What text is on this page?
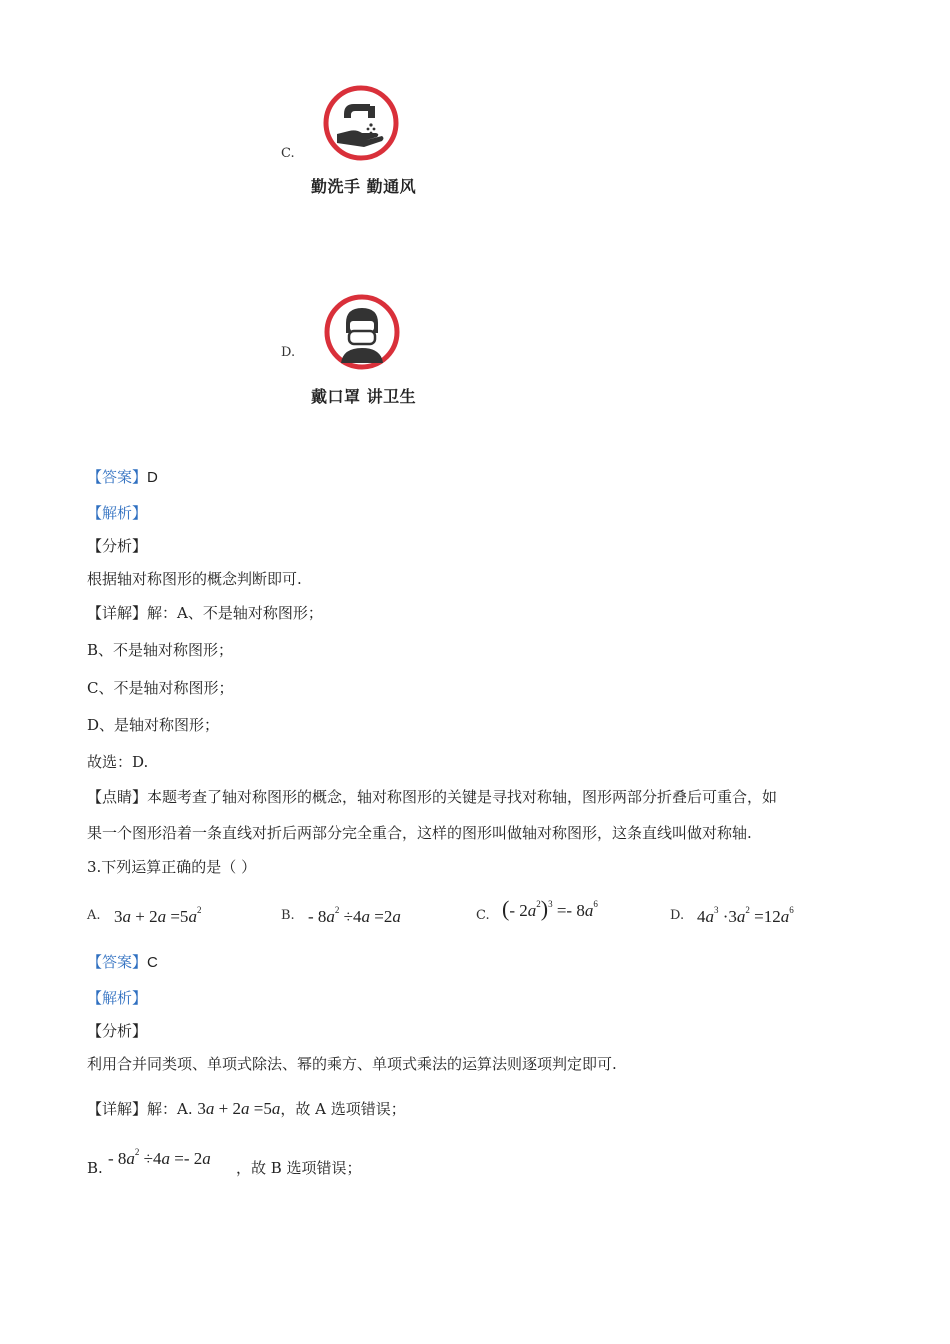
C.
勤洗手 勤通风
D.
戴口罩 讲卫生
【答案】D
【解析】
【分析】
根据轴对称图形的概念判断即可.
【详解】解：A、不是轴对称图形；
B、不是轴对称图形；
C、不是轴对称图形；
D、是轴对称图形；
故选：D.
【点睛】本题考查了轴对称图形的概念，轴对称图形的关键是寻找对称轴，图形两部分折叠后可重合，如
果一个图形沿着一条直线对折后两部分完全重合，这样的图形叫做轴对称图形，这条直线叫做对称轴.
3.下列运算正确的是（ ）
A. $3a + 2a =5a^2$	B. - $8a^2 \div 4a =2a$	C. (- $2a^2)^3 =- 8a^6$
D. $4a^3 \cdot 3a^2 =12a^6$
【答案】C
【解析】
【分析】
利用合并同类项、单项式除法、幂的乘方、单项式乘法的运算法则逐项判定即可.
【详解】解：A. 3a + 2a =5a，故 A 选项错误；
B. - $8a^2 \div 4a =- 2a$ ，故 B 选项错误；
